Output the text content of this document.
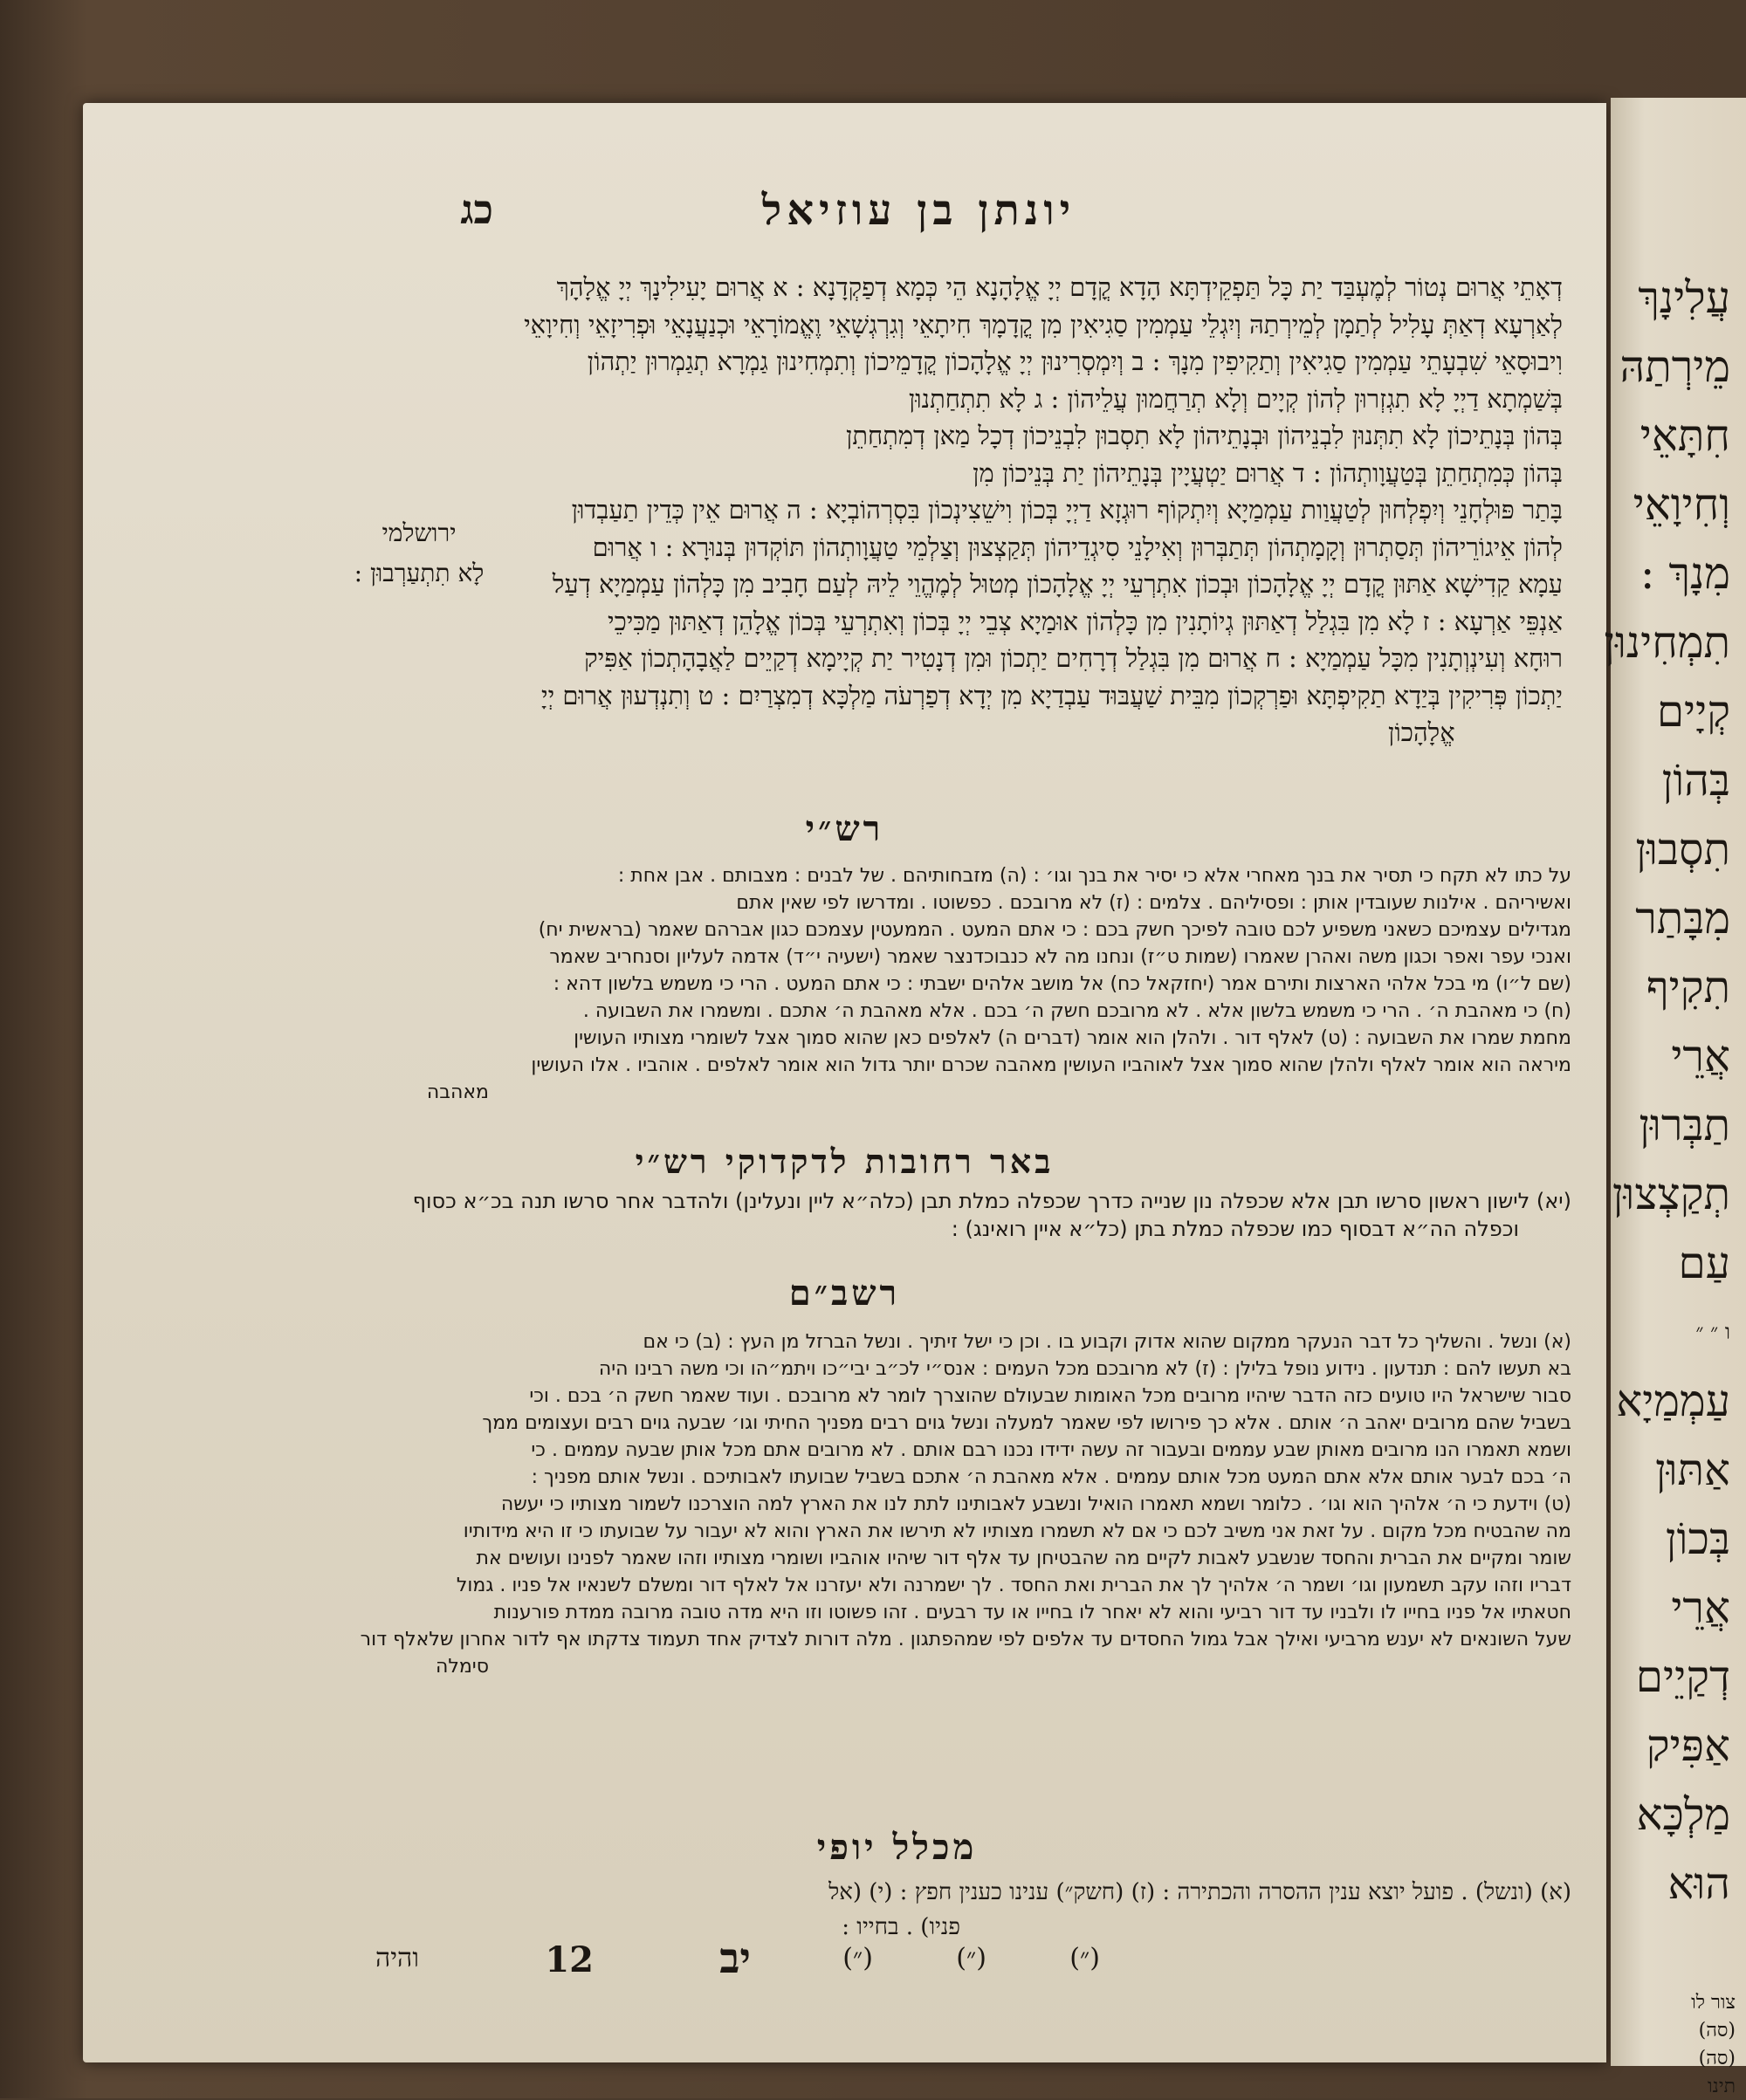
כג	יונתן בן עוזיאל
דְאָתֵי אֲרוּם נְטוֹר לְמֶעְבַּד יַת כָּל תַּפְקֵידְתָּא הָדָא קֳדָם יְיָ אֱלָהָנָא הֵי כְּמָא דְפַקְדָנָא : א אֲרוּם יָעִילִינָךְ יְיָ אֱלָהָךְ
לְאַרְעָא דְאַתְּ עָלִיל לְתַמָן לְמֵירְתַהּ וְיִגְלֵי עַמְמִין סַגִיאִין מִן קֳדָמָךְ חִיתָאֵי וְגִרְגְשָׁאֵי וֶאֱמוֹרָאֵי וּכְנַעֲנָאֵי וּפְרִיזָאֵי וְחִיוָאֵי
וִיבוּסָאֵי שִׁבְעָתֵי עַמְמִין סַגִיאִין וְתַקִיפִין מִנָךְ : ב וְיִמְסְרִינוּן יְיָ אֱלָהָכוֹן קֳדָמֵיכוֹן וְתִמְחִינוּן גַמְרָא תְגַמְרוּן יַתְהוֹן
בְּשַׁמְתָא דַיְיָ לָא תִגְזְרוּן לְהוֹן קְיָים וְלָא תְרַחֲמוּן עֲלֵיהוֹן : ג לָא תִתְחַתְנוּן
בְּהוֹן בְּנָתֵיכוֹן לָא תִתְּנוּן לִבְנֵיהוֹן וּבְנָתֵיהוֹן לָא תִסְבוּן לִבְנֵיכוֹן דְכָל מַאן דְמִתְחַתֵן
בְּהוֹן כְּמִתְחַתֵן בְּטַעֲוָותְהוֹן : ד אֲרוּם יַטְעֲיָין בְּנָתֵיהוֹן יַת בְּנֵיכוֹן מִן
בָּתַר פּוּלְחָנֵי וְיִפְלְחוּן לְטַעֲוַות עַמְמַיָא וְיִתְקוֹף רוּגְזָא דַיְיָ בְּכוֹן וִישֵׁצִינְכוֹן בִּסְרְהוֹבְיָא : ה אֲרוּם אֵין כְּדֵין תַעַבְדוּן
לְהוֹן אֵיגוֹרֵיהוֹן תְּסַתְרוּן וְקָמָתְהוֹן תְּתַבְּרוּן וְאִילָנֵי סִיגְדֵיהוֹן תְּקַצְצוּן וְצַלְמֵי טַעֲוָותְהוֹן תּוֹקְדוּן בְּנוּרָא : ו אֲרוּם
עַמָא קַדִישָׁא אַתּוּן קֳדָם יְיָ אֱלָהָכוֹן וּבְכוֹן אִתְרְעֵי יְיָ אֱלָהָכוֹן מְטוּל לְמֶהֱוֵי לֵיהּ לְעַם חָבִיב מִן כָּלְהוֹן עַמְמַיָא דְעַל
אַנְפֵּי אַרְעָא : ז לָא מִן בִּגְלַל דְאַתּוּן גְיוֹתָנִין מִן כָּלְהוֹן אוּמַיָא צְבֵי יְיָ בְּכוֹן וְאִתְרְעֵי בְּכוֹן אֱלָהֵן דְאַתּוּן מַכִּיכֵי
רוּחָא וְעִינְוְתָנִין מִכָּל עַמְמַיָא : ח אֲרוּם מִן בִּגְלַל דְרָחִים יַתְכוֹן וּמִן דְנָטִיר יַת קְיָימָא דְקַיֵים לַאֲבָהָתְכוֹן אַפִּיק
יַתְכוֹן פְּרִיקִין בְּיַדָא תַקִיפְתָּא וּפַרְקְכוֹן מִבֵּית שַׁעֲבּוּד עַבְדַיָא מִן יְדָא דְפַרְעֹה מַלְכָּא דְמִצְרַיִם : ט וְתִנְדְעוּן אֲרוּם יְיָ
אֱלָהָכוֹן
ירושלמי
לָא תִתְעַרְבוּן :
רש״י
על כתו לא תקח כי תסיר את בנך מאחרי אלא כי יסיר את בנך וגו׳ : (ה) מזבחותיהם . של לבנים : מצבותם . אבן אחת :
ואשיריהם . אילנות שעובדין אותן : ופסיליהם . צלמים : (ז) לא מרובכם . כפשוטו . ומדרשו לפי שאין אתם
מגדילים עצמיכם כשאני משפיע לכם טובה לפיכך חשק בכם : כי אתם המעט . הממעטין עצמכם כגון אברהם שאמר (בראשית יח)
ואנכי עפר ואפר וכגון משה ואהרן שאמרו (שמות ט״ז) ונחנו מה לא כנבוכדנצר שאמר (ישעיה י״ד) אדמה לעליון וסנחריב שאמר
(שם ל״ו) מי בכל אלהי הארצות ותירם אמר (יחזקאל כח) אל מושב אלהים ישבתי : כי אתם המעט . הרי כי משמש בלשון דהא :
(ח) כי מאהבת ה׳ . הרי כי משמש בלשון אלא . לא מרובכם חשק ה׳ בכם . אלא מאהבת ה׳ אתכם . ומשמרו את השבועה .
מחמת שמרו את השבועה : (ט) לאלף דור . ולהלן הוא אומר (דברים ה) לאלפים כאן שהוא סמוך אצל לשומרי מצותיו העושין
מיראה הוא אומר לאלף ולהלן שהוא סמוך אצל לאוהביו העושין מאהבה שכרם יותר גדול הוא אומר לאלפים . אוהביו . אלו העושין
מאהבה
באר רחובות לדקדוקי רש״י
(יא) לישון ראשון סרשו תבן אלא שכפלה נון שנייה כדרך שכפלה כמלת תבן (כלה״א ליין ונעלינן) ולהדבר אחר סרשו תנה בכ״א כסוף
וכפלה הה״א דבסוף כמו שכפלה כמלת בתן (כל״א איין רואינג) :
רשב״ם
(א) ונשל . והשליך כל דבר הנעקר ממקום שהוא אדוק וקבוע בו . וכן כי ישל זיתיך . ונשל הברזל מן העץ : (ב) כי אם
בא תעשו להם : תנדעון . נידוע נופל בלילן : (ז) לא מרובכם מכל העמים : אנס״י לכ״ב יבי״כו ויתמ״הו וכי משה רבינו היה
סבור שישראל היו טועים כזה הדבר שיהיו מרובים מכל האומות שבעולם שהוצרך לומר לא מרובכם . ועוד שאמר חשק ה׳ בכם . וכי
בשביל שהם מרובים יאהב ה׳ אותם . אלא כך פירושו לפי שאמר למעלה ונשל גוים רבים מפניך החיתי וגו׳ שבעה גוים רבים ועצומים ממך
ושמא תאמרו הנו מרובים מאותן שבע עממים ובעבור זה עשה ידידו נכנו רבם אותם . לא מרובים אתם מכל אותן שבעה עממים . כי
ה׳ בכם לבער אותם אלא אתם המעט מכל אותם עממים . אלא מאהבת ה׳ אתכם בשביל שבועתו לאבותיכם . ונשל אותם מפניך :
(ט) וידעת כי ה׳ אלהיך הוא וגו׳ . כלומר ושמא תאמרו הואיל ונשבע לאבותינו לתת לנו את הארץ למה הוצרכנו לשמור מצותיו כי יעשה
מה שהבטיח מכל מקום . על זאת אני משיב לכם כי אם לא תשמרו מצותיו לא תירשו את הארץ והוא לא יעבור על שבועתו כי זו היא מידותיו
שומר ומקיים את הברית והחסד שנשבע לאבות לקיים מה שהבטיחן עד אלף דור שיהיו אוהביו ושומרי מצותיו וזהו שאמר לפנינו ועושים את
דבריו וזהו עקב תשמעון וגו׳ ושמר ה׳ אלהיך לך את הברית ואת החסד . לך ישמרנה ולא יעזרנו אל לאלף דור ומשלם לשנאיו אל פניו . גמול
חטאתיו אל פניו בחייו לו ולבניו עד דור רביעי והוא לא יאחר לו בחייו או עד רבעים . זהו פשוטו וזו היא מדה טובה מרובה ממדת פורענות
שעל השונאים לא יענש מרביעי ואילך אבל גמול החסדים עד אלפים לפי שמהפתגון . מלה דורות לצדיק אחד תעמוד צדקתו אף לדור אחרון שלאלף דור
סימלה
מכלל יופי
(א) (ונשל) . פועל יוצא ענין ההסרה והכתירה : (ז) (חשק״) ענינו כענין חפץ : (י) (אל
פניו) . בחייו :
(״)
(״)
(״)
יב
12
והיה
עֲלִינָךְ
מֵירְתַהּ
חִתָּאֵי
וְחִיוָאֵי
מִנָךְ :
תִמְחִינוּן
קְיָים
בְּהוֹן
תִסְבוּן
מִבָּתַר
תִקִיף
אֲרֵי
תַבְּרוּן
תְקַצְצוּן
עַם
ו ״ ״
עַמְמַיָא
אַתּוּן
בְּכוֹן
אֲרֵי
דְקַיֵים
אַפִּיק
מַלְכָּא
הוּא
צור לו
(סה)
(סה)
תינו
